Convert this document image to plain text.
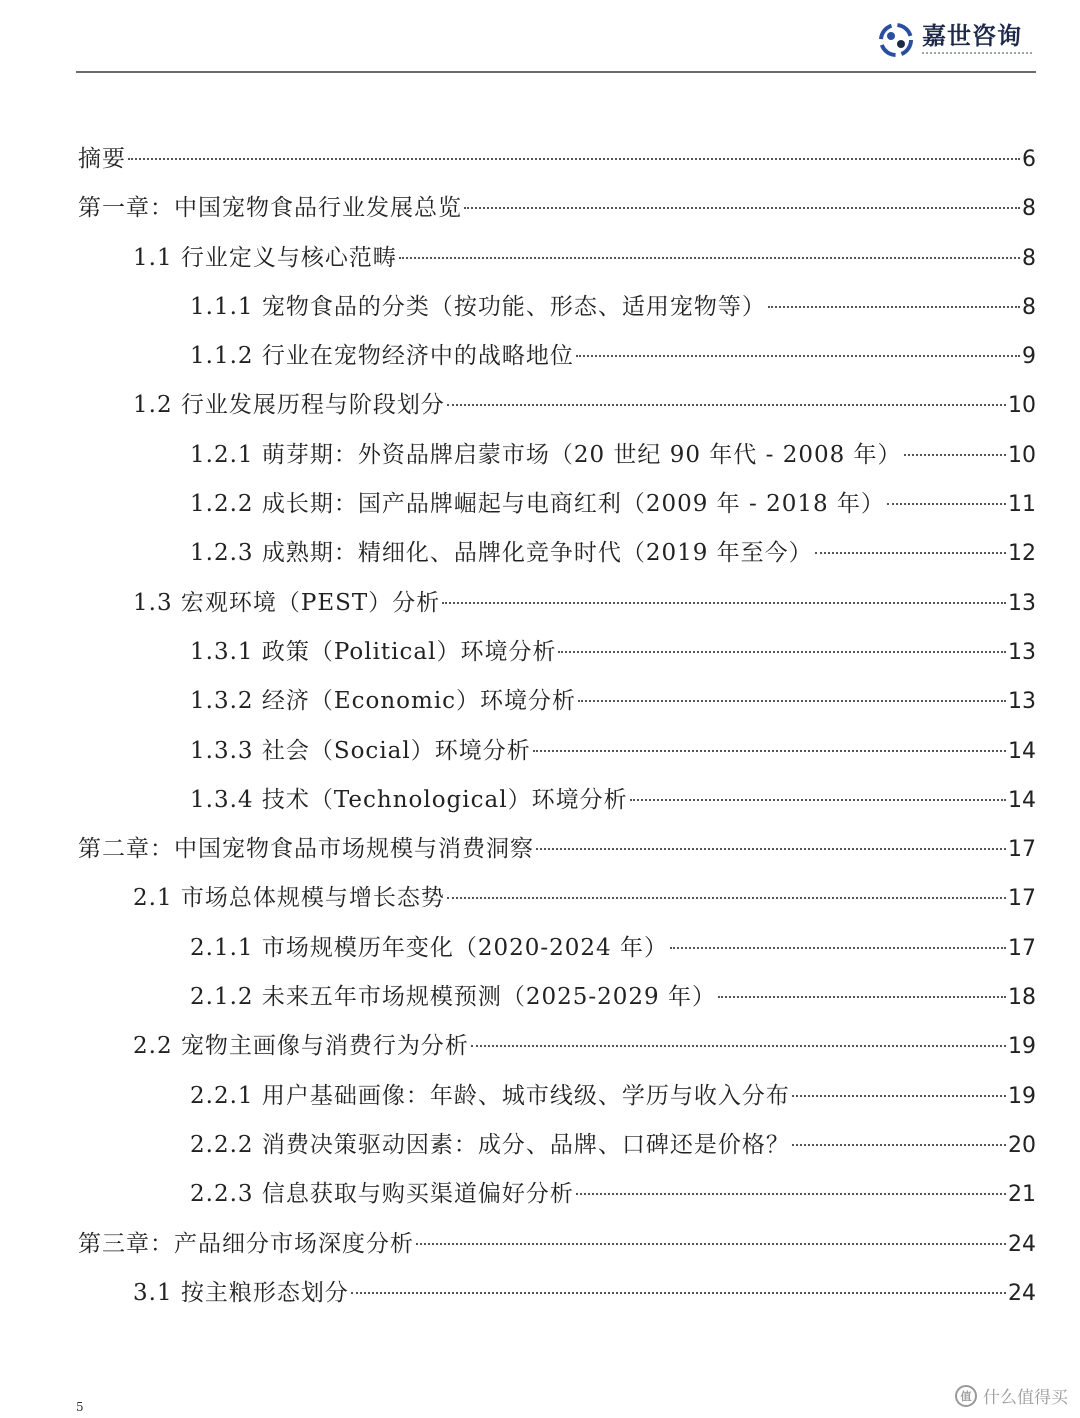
嘉世咨询
摘要	6
第一章：中国宠物食品行业发展总览	8
1.1 行业定义与核心范畴	8
1.1.1 宠物食品的分类（按功能、形态、适用宠物等）	8
1.1.2 行业在宠物经济中的战略地位	9
1.2 行业发展历程与阶段划分	10
1.2.1 萌芽期：外资品牌启蒙市场（20 世纪 90 年代 - 2008 年）	10
1.2.2 成长期：国产品牌崛起与电商红利（2009 年 - 2018 年）	11
1.2.3 成熟期：精细化、品牌化竞争时代（2019 年至今）	12
1.3 宏观环境（PEST）分析	13
1.3.1 政策（Political）环境分析	13
1.3.2 经济（Economic）环境分析	13
1.3.3 社会（Social）环境分析	14
1.3.4 技术（Technological）环境分析	14
第二章：中国宠物食品市场规模与消费洞察	17
2.1 市场总体规模与增长态势	17
2.1.1 市场规模历年变化（2020-2024 年）	17
2.1.2 未来五年市场规模预测（2025-2029 年）	18
2.2 宠物主画像与消费行为分析	19
2.2.1 用户基础画像：年龄、城市线级、学历与收入分布	19
2.2.2 消费决策驱动因素：成分、品牌、口碑还是价格？	20
2.2.3 信息获取与购买渠道偏好分析	21
第三章：产品细分市场深度分析	24
3.1 按主粮形态划分	24
5
值 什么值得买
